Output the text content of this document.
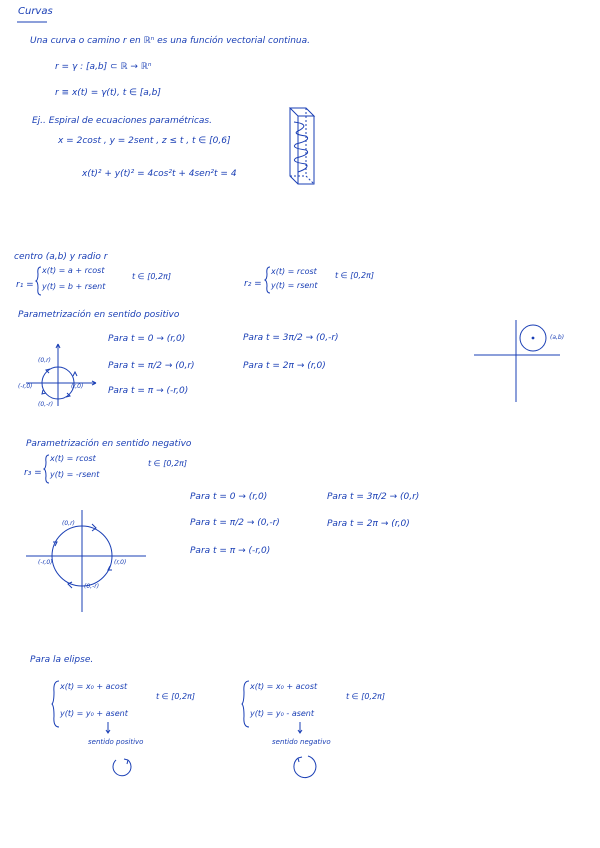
Curvas
Una curva o camino r en ℝⁿ es una función vectorial continua.
r = γ : [a,b] ⊂ ℝ → ℝⁿ
r ≡ x(t) = γ(t), t ∈ [a,b]
Ej.. Espiral de ecuaciones paramétricas.
x = 2cost , y = 2sent , z ≤ t , t ∈ [0,6]
x(t)² + y(t)² = 4cos²t + 4sen²t = 4
centro (a,b) y radio r
r₁ =
x(t) = a + rcost
y(t) = b + rsent
t ∈ [0,2π]
r₂ =
x(t) = rcost
y(t) = rsent
t ∈ [0,2π]
(a,b)
Parametrización en sentido positivo
(0,r)
(-r,0)	(r,0)
(0,-r)
Para t = 0 → (r,0)
Para t = π/2 → (0,r)
Para t = π → (-r,0)
Para t = 3π/2 → (0,-r)
Para t = 2π → (r,0)
Parametrización en sentido negativo
r₃ =
x(t) = rcost
y(t) = -rsent
t ∈ [0,2π]
(0,r)
(-r,0)	(r,0)
(0,-r)
Para t = 0 → (r,0)
Para t = π/2 → (0,-r)
Para t = π → (-r,0)
Para t = 3π/2 → (0,r)
Para t = 2π → (r,0)
Para la elipse.
x(t) = x₀ + acost
y(t) = y₀ + asent
t ∈ [0,2π]
sentido positivo
x(t) = x₀ + acost
y(t) = y₀ - asent
t ∈ [0,2π]
sentido negativo
